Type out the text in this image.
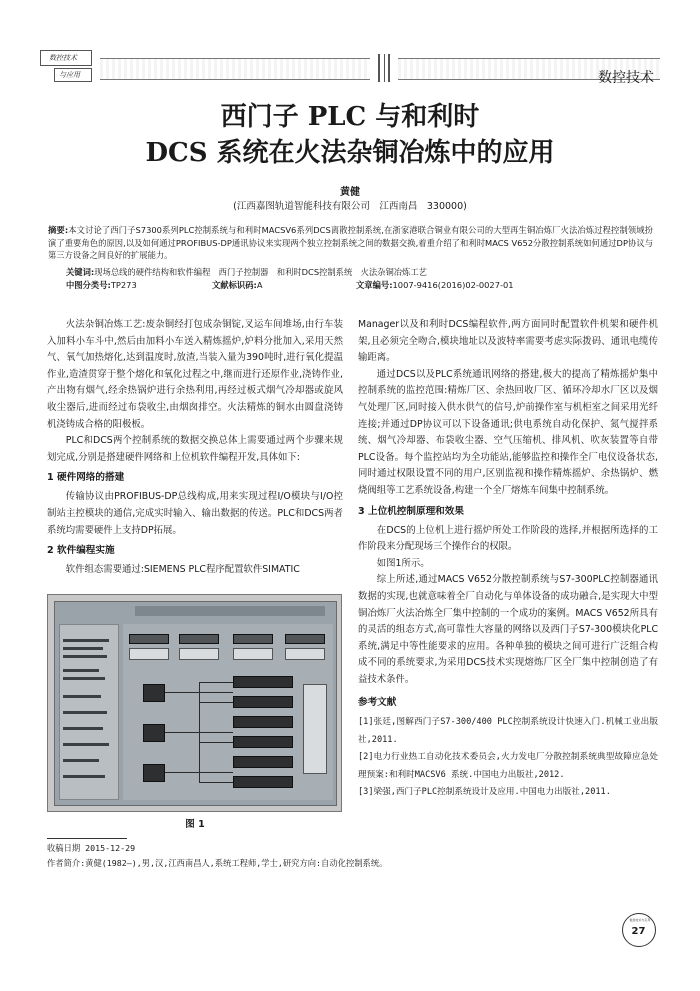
数控技术
与应用	数控技术
西门子 PLC 与和利时
DCS 系统在火法杂铜冶炼中的应用
黄健
(江西嘉图轨道智能科技有限公司　江西南昌　330000)
摘要:本文讨论了西门子S7300系列PLC控制系统与和利时MACSV6系列DCS离散控制系统,在浙家港联合铜业有限公司的大型再生铜冶炼厂火法冶炼过程控制领域扮演了重要角色的原因,以及如何通过PROFIBUS-DP通讯协议来实现两个独立控制系统之间的数据交换,着重介绍了和利时MACS V652分散控制系统如何通过DP协议与第三方设备之间良好的扩展能力。
关键词:现场总线的硬件结构和软件编程　西门子控制器　和利时DCS控制系统　火法杂铜冶炼工艺
中图分类号:TP273	文献标识码:A	文章编号:1007-9416(2016)02-0027-01

火法杂铜冶炼工艺:废杂铜经打包成杂铜锭,叉运车间堆场,由行车装入加料小车斗中,然后由加料小车送入精炼摇炉,炉料分批加入,采用天然气、氧气加热熔化,达到温度时,放渣,当装入量为390吨时,进行氧化提温作业,造渣贯穿于整个熔化和氧化过程之中,继而进行还原作业,浇铸作业,产出物有烟气,经余热锅炉进行余热利用,再经过板式烟气冷却器或旋风收尘器后,进而经过布袋收尘,由烟囱排空。火法精炼的铜水由圆盘浇铸机浇铸成合格的阳极板。

PLC和DCS两个控制系统的数据交换总体上需要通过两个步骤来规划完成,分别是搭建硬件网络和上位机软件编程开发,具体如下:

1 硬件网络的搭建

传输协议由PROFIBUS-DP总线构成,用来实现过程I/O模块与I/O控制站主控模块的通信,完成实时输入、输出数据的传送。PLC和DCS两者系统均需要硬件上支持DP拓展。

2 软件编程实施

软件组态需要通过:SIEMENS PLC程序配置软件SIMATIC

图 1

Manager以及和利时DCS编程软件,两方面同时配置软件机架和硬件机架,且必须完全吻合,模块地址以及波特率需要考虑实际拨码、通讯电缆传输距离。

通过DCS以及PLC系统通讯网络的搭建,极大的提高了精炼摇炉集中控制系统的监控范围:精炼厂区、余热回收厂区、循环冷却水厂区以及烟气处理厂区,同时接入供水供气的信号,炉前操作室与机柜室之间采用光纤连接;并通过DP协议可以下设备通讯;供电系统自动化保护、氮气搅拌系统、烟气冷却器、布袋收尘器、空气压缩机、排风机、吹灰装置等自带PLC设备。每个监控站均为全功能站,能够监控和操作全厂电仪设备状态,同时通过权限设置不同的用户,区别监视和操作精炼摇炉、余热锅炉、燃烧阀组等工艺系统设备,构建一个全厂熔炼车间集中控制系统。

3 上位机控制原理和效果

在DCS的上位机上进行摇炉所处工作阶段的选择,并根据所选择的工作阶段来分配现场三个操作台的权限。

如图1所示。

综上所述,通过MACS V652分散控制系统与S7-300PLC控制器通讯数据的实现,也就意味着全厂自动化与单体设备的成功融合,是实现大中型铜冶炼厂火法冶炼全厂集中控制的一个成功的案例。MACS V652所具有的灵活的组态方式,高可靠性大容量的网络以及西门子S7-300模块化PLC系统,满足中等性能要求的应用。各种单独的模块之间可进行广泛组合构成不同的系统要求,为采用DCS技术实现熔炼厂区全厂集中控制创造了有益技术条件。

参考文献
[1]张廷,图解西门子S7-300/400 PLC控制系统设计快速入门.机械工业出版社,2011.
[2]电力行业热工自动化技术委员会,火力发电厂分散控制系统典型故障应急处理预案:和利时MACSV6 系统.中国电力出版社,2012.
[3]梁强,西门子PLC控制系统设计及应用.中国电力出版社,2011.
收稿日期 2015-12-29
作者简介:黄健(1982—),男,汉,江西南昌人,系统工程师,学士,研究方向:自动化控制系统。
数控技术与应用
27
